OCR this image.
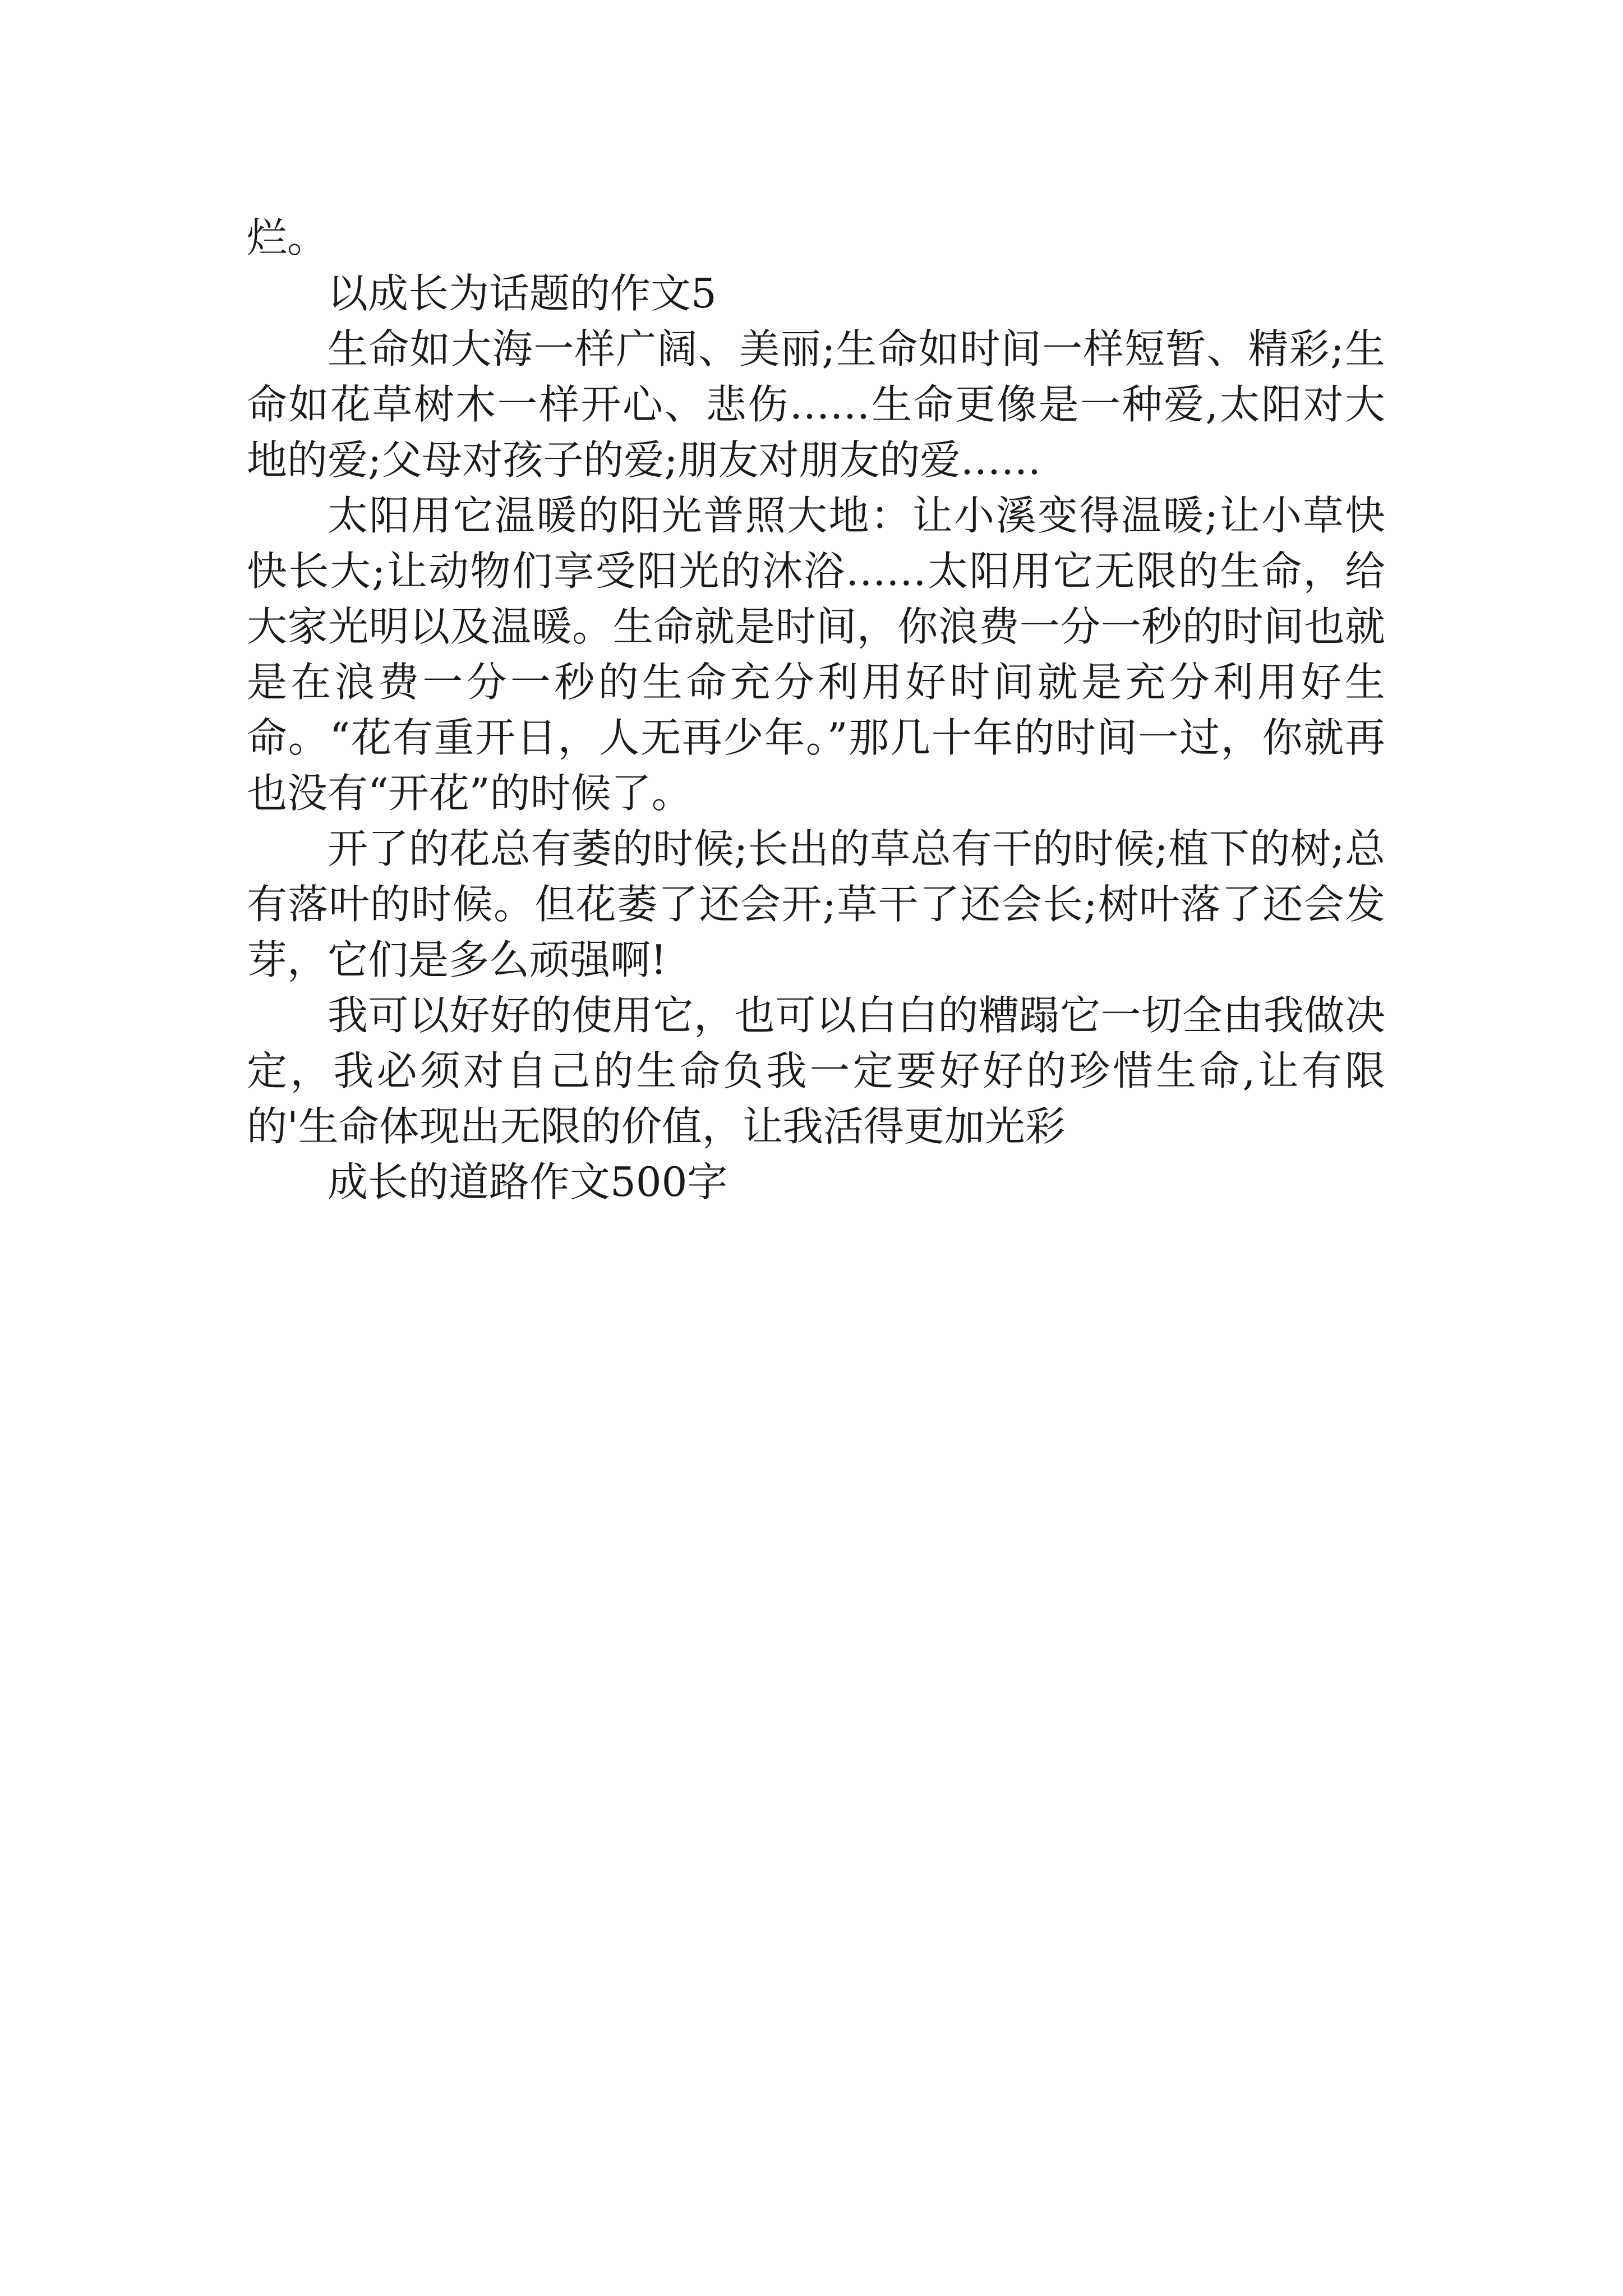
烂。

以成长为话题的作文5

生命如大海一样广阔、美丽;生命如时间一样短暂、精彩;生命如花草树木一样开心、悲伤……生命更像是一种爱,太阳对大地的爱;父母对孩子的爱;朋友对朋友的爱……

太阳用它温暖的阳光普照大地：让小溪变得温暖;让小草快快长大;让动物们享受阳光的沐浴……太阳用它无限的生命，给大家光明以及温暖。生命就是时间，你浪费一分一秒的时间也就是在浪费一分一秒的生命充分利用好时间就是充分利用好生命。“花有重开日，人无再少年。”那几十年的时间一过，你就再也没有“开花”的时候了。

开了的花总有萎的时候;长出的草总有干的时候;植下的树;总有落叶的时候。但花萎了还会开;草干了还会长;树叶落了还会发芽，它们是多么顽强啊!

我可以好好的使用它，也可以白白的糟蹋它一切全由我做决定，我必须对自己的生命负我一定要好好的珍惜生命,让有限的'生命体现出无限的价值，让我活得更加光彩

成长的道路作文500字
